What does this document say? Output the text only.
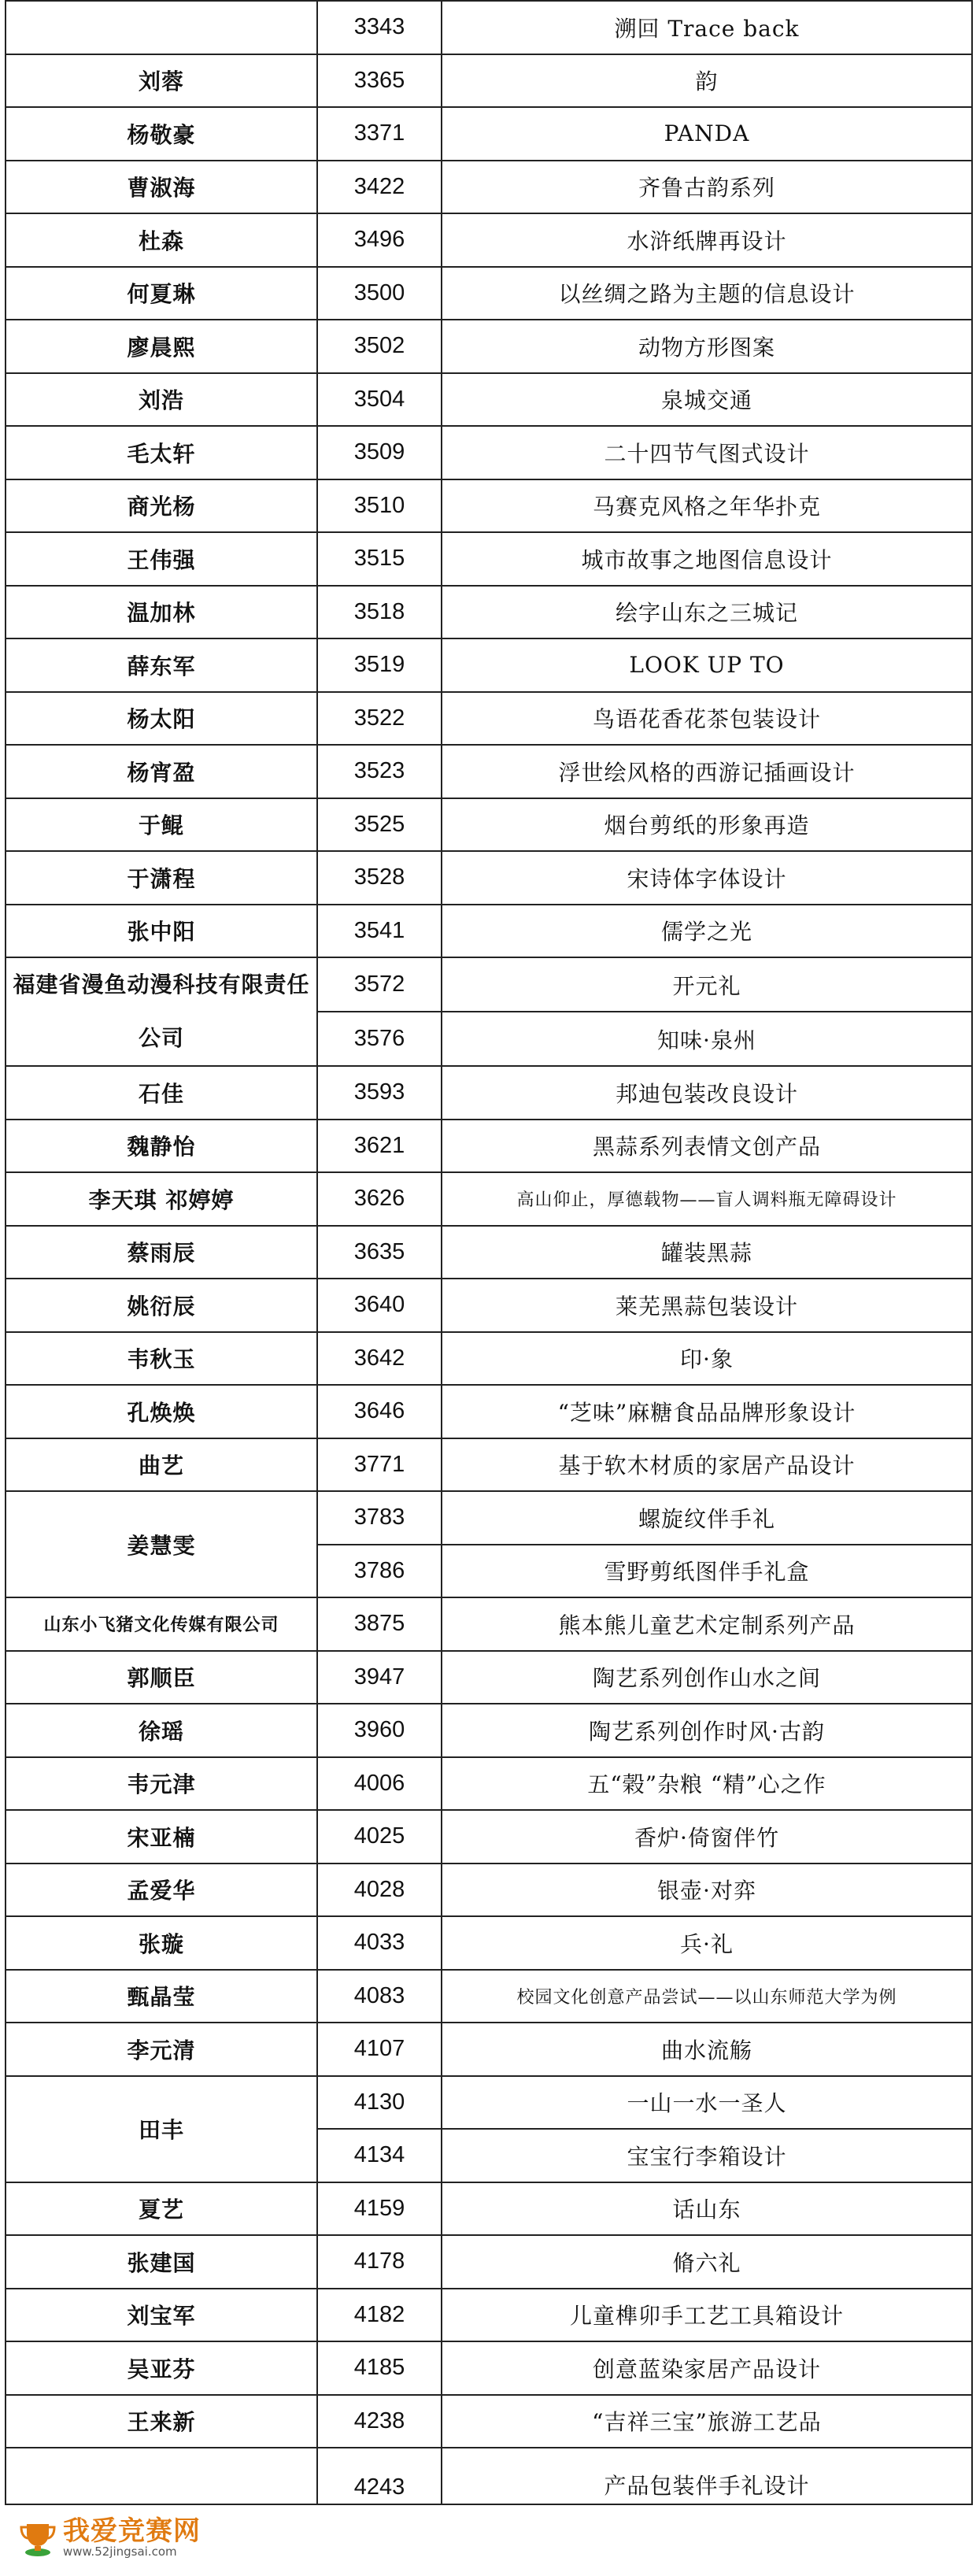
	3343	溯回 Trace back
刘蓉	3365	韵
杨敬豪	3371	PANDA
曹淑海	3422	齐鲁古韵系列
杜森	3496	水浒纸牌再设计
何夏琳	3500	以丝绸之路为主题的信息设计
廖晨熙	3502	动物方形图案
刘浩	3504	泉城交通
毛太轩	3509	二十四节气图式设计
商光杨	3510	马赛克风格之年华扑克
王伟强	3515	城市故事之地图信息设计
温加林	3518	绘字山东之三城记
薛东军	3519	LOOK UP TO
杨太阳	3522	鸟语花香花茶包装设计
杨宵盈	3523	浮世绘风格的西游记插画设计
于鲲	3525	烟台剪纸的形象再造
于潇程	3528	宋诗体字体设计
张中阳	3541	儒学之光
福建省漫鱼动漫科技有限责任公司	3572	开元礼
	3576	知味·泉州
石佳	3593	邦迪包装改良设计
魏静怡	3621	黑蒜系列表情文创产品
李天琪 祁婷婷	3626	高山仰止，厚德载物——盲人调料瓶无障碍设计
蔡雨辰	3635	罐装黑蒜
姚衍辰	3640	莱芜黑蒜包装设计
韦秋玉	3642	印·象
孔焕焕	3646	“芝味”麻糖食品品牌形象设计
曲艺	3771	基于软木材质的家居产品设计
姜慧雯	3783	螺旋纹伴手礼
	3786	雪野剪纸图伴手礼盒
山东小飞猪文化传媒有限公司	3875	熊本熊儿童艺术定制系列产品
郭顺臣	3947	陶艺系列创作山水之间
徐瑶	3960	陶艺系列创作时风·古韵
韦元津	4006	五“榖”杂粮 “精”心之作
宋亚楠	4025	香炉·倚窗伴竹
孟爱华	4028	银壶·对弈
张璇	4033	兵·礼
甄晶莹	4083	校园文化创意产品尝试——以山东师范大学为例
李元清	4107	曲水流觞
田丰	4130	一山一水一圣人
	4134	宝宝行李箱设计
夏艺	4159	话山东
张建国	4178	脩六礼
刘宝军	4182	儿童榫卯手工艺工具箱设计
吴亚芬	4185	创意蓝染家居产品设计
王来新	4238	“吉祥三宝”旅游工艺品
	4243	产品包装伴手礼设计
我爱竞赛网
www.52jingsai.com
